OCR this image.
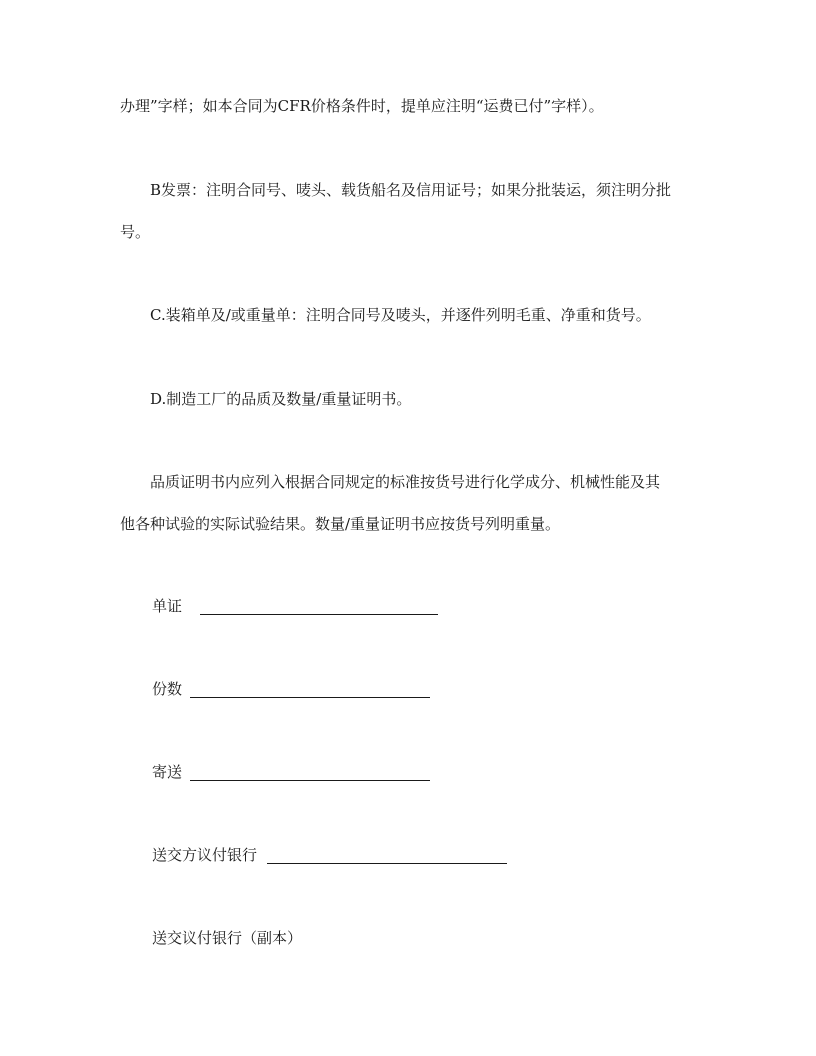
办理”字样；如本合同为CFR价格条件时，提单应注明“运费已付”字样）。
B发票：注明合同号、唛头、载货船名及信用证号；如果分批装运，须注明分批
号。
C.装箱单及/或重量单：注明合同号及唛头，并逐件列明毛重、净重和货号。
D.制造工厂的品质及数量/重量证明书。
品质证明书内应列入根据合同规定的标准按货号进行化学成分、机械性能及其
他各种试验的实际试验结果。数量/重量证明书应按货号列明重量。
单证
份数
寄送
送交方议付银行
送交议付银行（副本）
